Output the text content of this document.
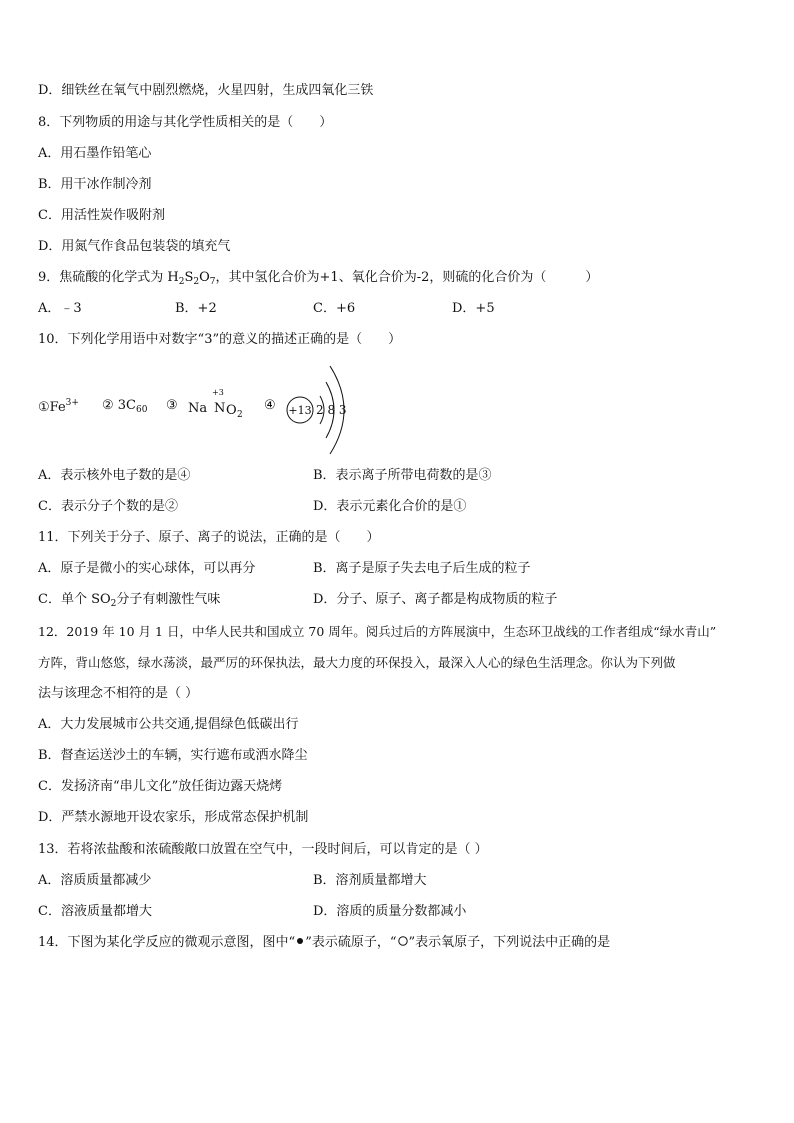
D．细铁丝在氧气中剧烈燃烧，火星四射，生成四氧化三铁
8．下列物质的用途与其化学性质相关的是（　　）
A．用石墨作铅笔心
B．用干冰作制冷剂
C．用活性炭作吸附剂
D．用氮气作食品包装袋的填充气
9．焦硫酸的化学式为 $H_2S_2O_7$，其中氢化合价为+1、氧化合价为-2，则硫的化合价为（　　　）
A．﹣3	B．+2	C．+6	D．+5
10．下列化学用语中对数字“3”的意义的描述正确的是（　　）
$①Fe^{3+}$ ② $3C_{60}$ ③ Na N
+3
O 2
④ +13 2 8 3
A．表示核外电子数的是④	B．表示离子所带电荷数的是③
C．表示分子个数的是②	D．表示元素化合价的是①
11．下列关于分子、原子、离子的说法，正确的是（　　）
A．原子是微小的实心球体，可以再分	B．离子是原子失去电子后生成的粒子
C．单个 $SO_2$分子有刺激性气味	D．分子、原子、离子都是构成物质的粒子
12．2019 年 10 月 1 日，中华人民共和国成立 70 周年。阅兵过后的方阵展演中，生态环卫战线的工作者组成“绿水青山”
方阵，背山悠悠，绿水荡淡，最严厉的环保执法，最大力度的环保投入，最深入人心的绿色生活理念。你认为下列做
法与该理念不相符的是（ ）
A．大力发展城市公共交通,提倡绿色低碳出行
B．督查运送沙土的车辆，实行遮布或洒水降尘
C．发扬济南“串儿文化”放任街边露天烧烤
D．严禁水源地开设农家乐，形成常态保护机制
13．若将浓盐酸和浓硫酸敞口放置在空气中，一段时间后，可以肯定的是（ ）
A．溶质质量都减少	B．溶剂质量都增大
C．溶液质量都增大	D．溶质的质量分数都减小
14．下图为某化学反应的微观示意图，图中“ ”表示硫原子，“ ”表示氧原子，下列说法中正确的是
